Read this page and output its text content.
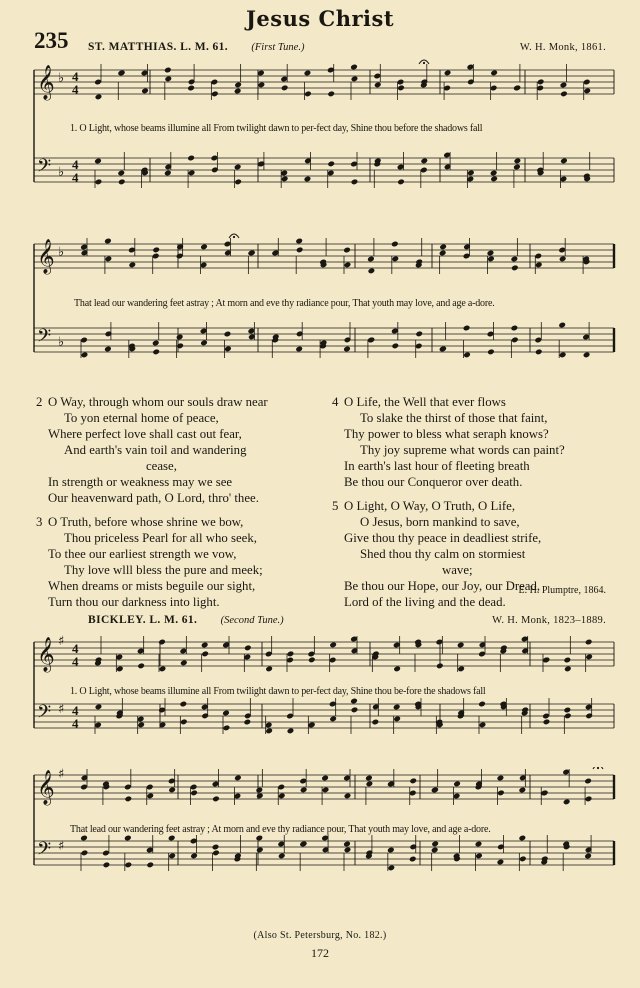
Jesus Christ
235 ST. MATTHIAS. L. M. 61. (First Tune.)	W. H. Monk, 1861.
𝄞 ♭ 4
4
𝄢 ♭
4
4
1. O Light, whose beams illumine all From twilight dawn to per-fect day, Shine thou before the shadows fall
𝄞 ♭
𝄢 ♭
That lead our wandering feet astray ; At morn and eve thy radiance pour, That youth may love, and age a-dore.
2 O Way, through whom our souls draw near
To yon eternal home of peace,
Where perfect love shall cast out fear,
And earth's vain toil and wandering
cease,
In strength or weakness may we see
Our heavenward path, O Lord, thro' thee.
3 O Truth, before whose shrine we bow,
Thou priceless Pearl for all who seek,
To thee our earliest strength we vow,
Thy love wlll bless the pure and meek;
When dreams or mists beguile our sight,
Turn thou our darkness into light.
4 O Life, the Well that ever flows
To slake the thirst of those that faint,
Thy power to bless what seraph knows?
Thy joy supreme what words can paint?
In earth's last hour of fleeting breath
Be thou our Conqueror over death.
5 O Light, O Way, O Truth, O Life,
O Jesus, born mankind to save,
Give thou thy peace in deadliest strife,
Shed thou thy calm on stormiest
wave;
Be thou our Hope, our Joy, our Dread,
Lord of the living and the dead.
E. H. Plumptre, 1864.
BICKLEY. L. M. 61. (Second Tune.)	W. H. Monk, 1823–1889.
𝄞 ♯ 4
4
𝄢 ♯ 4
4
1. O Light, whose beams illumine all From twilight dawn to per-fect day, Shine thou be-fore the shadows fall
𝄞 ♯
𝄢 ♯
That lead our wandering feet astray ; At morn and eve thy radiance pour, That youth may love, and age a-dore.
(Also St. Petersburg, No. 182.)
172
